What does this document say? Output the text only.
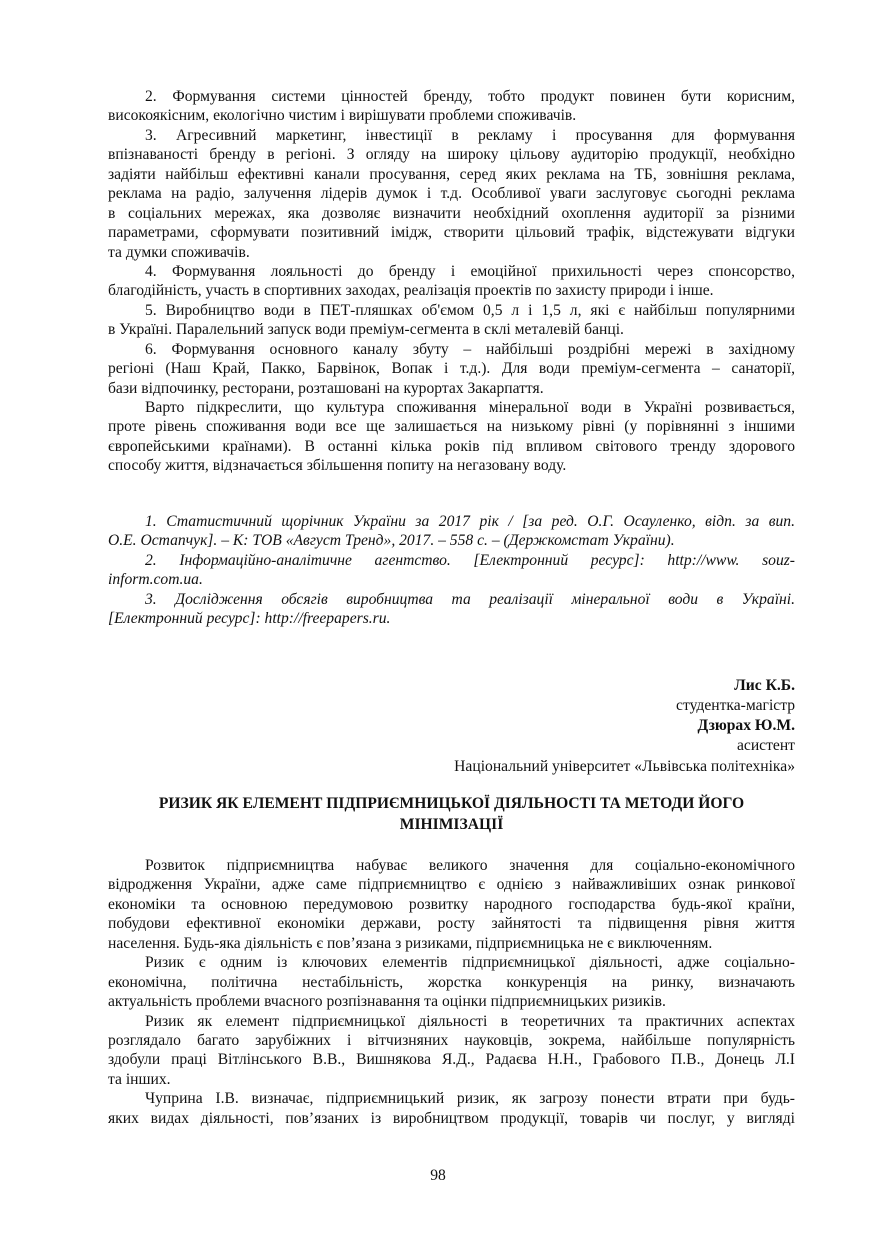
2. Формування системи цінностей бренду, тобто продукт повинен бути корисним,
високоякісним, екологічно чистим і вирішувати проблеми споживачів.
3. Агресивний маркетинг, інвестиції в рекламу і просування для формування
впізнаваності бренду в регіоні. З огляду на широку цільову аудиторію продукції, необхідно
задіяти найбільш ефективні канали просування, серед яких реклама на ТБ, зовнішня реклама,
реклама на радіо, залучення лідерів думок і т.д. Особливої уваги заслуговує сьогодні реклама
в соціальних мережах, яка дозволяє визначити необхідний охоплення аудиторії за різними
параметрами, сформувати позитивний імідж, створити цільовий трафік, відстежувати відгуки
та думки споживачів.
4. Формування лояльності до бренду і емоційної прихильності через спонсорство,
благодійність, участь в спортивних заходах, реалізація проектів по захисту природи і інше.
5. Виробництво води в ПЕТ-пляшках об'ємом 0,5 л і 1,5 л, які є найбільш популярними
в Україні. Паралельний запуск води преміум-сегмента в склі металевій банці.
6. Формування основного каналу збуту – найбільші роздрібні мережі в західному
регіоні (Наш Край, Пакко, Барвінок, Вопак і т.д.). Для води преміум-сегмента – санаторії,
бази відпочинку, ресторани, розташовані на курортах Закарпаття.
Варто підкреслити, що культура споживання мінеральної води в Україні розвивається,
проте рівень споживання води все ще залишається на низькому рівні (у порівнянні з іншими
європейськими країнами). В останні кілька років під впливом світового тренду здорового
способу життя, відзначається збільшення попиту на негазовану воду.
1. Статистичний щорічник України за 2017 рік / [за ред. О.Г. Осауленко, відп. за вип.
О.Е. Остапчук]. – К: ТОВ «Август Тренд», 2017. – 558 с. – (Держкомстат України).
2. Інформаційно-аналітичне агентство. [Електронний ресурс]: http://www. souz-
inform.com.ua.
3. Дослідження обсягів виробництва та реалізації мінеральної води в Україні.
[Електронний ресурс]: http://freepapers.ru.
Лис К.Б.
студентка-магістр
Дзюрах Ю.М.
асистент
Національний університет «Львівська політехніка»
РИЗИК ЯК ЕЛЕМЕНТ ПІДПРИЄМНИЦЬКОЇ ДІЯЛЬНОСТІ ТА МЕТОДИ ЙОГО
МІНІМІЗАЦІЇ
Розвиток підприємництва набуває великого значення для соціально-економічного
відродження України, адже саме підприємництво є однією з найважливіших ознак ринкової
економіки та основною передумовою розвитку народного господарства будь-якої країни,
побудови ефективної економіки держави, росту зайнятості та підвищення рівня життя
населення. Будь-яка діяльність є пов’язана з ризиками, підприємницька не є виключенням.
Ризик є одним із ключових елементів підприємницької діяльності, адже соціально-
економічна, політична нестабільність, жорстка конкуренція на ринку, визначають
актуальність проблеми вчасного розпізнавання та оцінки підприємницьких ризиків.
Ризик як елемент підприємницької діяльності в теоретичних та практичних аспектах
розглядало багато зарубіжних і вітчизняних науковців, зокрема, найбільше популярність
здобули праці Вітлінського В.В., Вишнякова Я.Д., Радаєва Н.Н., Грабового П.В., Донець Л.І
та інших.
Чуприна І.В. визначає, підприємницький ризик, як загрозу понести втрати при будь-
яких видах діяльності, пов’язаних із виробництвом продукції, товарів чи послуг, у вигляді
98
